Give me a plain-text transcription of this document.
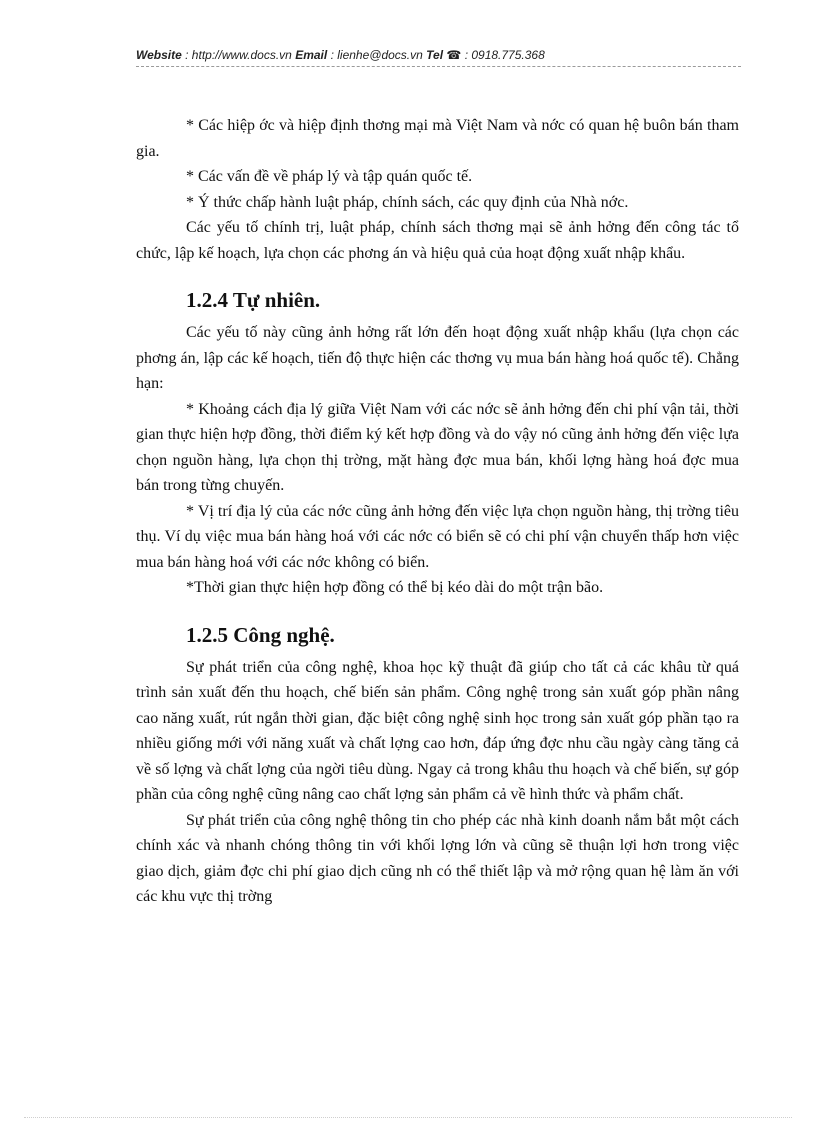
Website : http://www.docs.vn Email : lienhe@docs.vn Tel ☎ : 0918.775.368

* Các hiệp ớc và hiệp định thơng mại mà Việt Nam và nớc có quan hệ buôn bán tham gia.

* Các vấn đề về pháp lý và tập quán quốc tế.

* Ý thức chấp hành luật pháp, chính sách, các quy định của Nhà nớc.

Các yếu tố chính trị, luật pháp, chính sách thơng mại sẽ ảnh hởng đến công tác tổ chức, lập kế hoạch, lựa chọn các phơng án và hiệu quả của hoạt động xuất nhập khẩu.

1.2.4 Tự nhiên.

Các yếu tố này cũng ảnh hởng rất lớn đến hoạt động xuất nhập khẩu (lựa chọn các phơng án, lập các kế hoạch, tiến độ thực hiện các thơng vụ mua bán hàng hoá quốc tế). Chẳng hạn:

* Khoảng cách địa lý giữa Việt Nam với các nớc sẽ ảnh hởng đến chi phí vận tải, thời gian thực hiện hợp đồng, thời điểm ký kết hợp đồng và do vậy nó cũng ảnh hởng đến việc lựa chọn nguồn hàng, lựa chọn thị trờng, mặt hàng đợc mua bán, khối lợng hàng hoá đợc mua bán trong từng chuyến.

* Vị trí địa lý của các nớc cũng ảnh hởng đến việc lựa chọn nguồn hàng, thị trờng tiêu thụ. Ví dụ việc mua bán hàng hoá với các nớc có biển sẽ có chi phí vận chuyển thấp hơn việc mua bán hàng hoá với các nớc không có biển.

*Thời gian thực hiện hợp đồng có thể bị kéo dài do một trận bão.

1.2.5 Công nghệ.

Sự phát triển của công nghệ, khoa học kỹ thuật đã giúp cho tất cả các khâu từ quá trình sản xuất đến thu hoạch, chế biến sản phẩm. Công nghệ trong sản xuất góp phần nâng cao năng xuất, rút ngắn thời gian, đặc biệt công nghệ sinh học trong sản xuất góp phần tạo ra nhiều giống mới với năng xuất và chất lợng cao hơn, đáp ứng đợc nhu cầu ngày càng tăng cả về số lợng và chất lợng của ngời tiêu dùng. Ngay cả trong khâu thu hoạch và chế biến, sự góp phần của công nghệ cũng nâng cao chất lợng sản phẩm cả về hình thức và phẩm chất.

Sự phát triển của công nghệ thông tin cho phép các nhà kinh doanh nắm bắt một cách chính xác và nhanh chóng thông tin với khối lợng lớn và cũng sẽ thuận lợi hơn trong việc giao dịch, giảm đợc chi phí giao dịch cũng nh có thể thiết lập và mở rộng quan hệ làm ăn với các khu vực thị trờng
